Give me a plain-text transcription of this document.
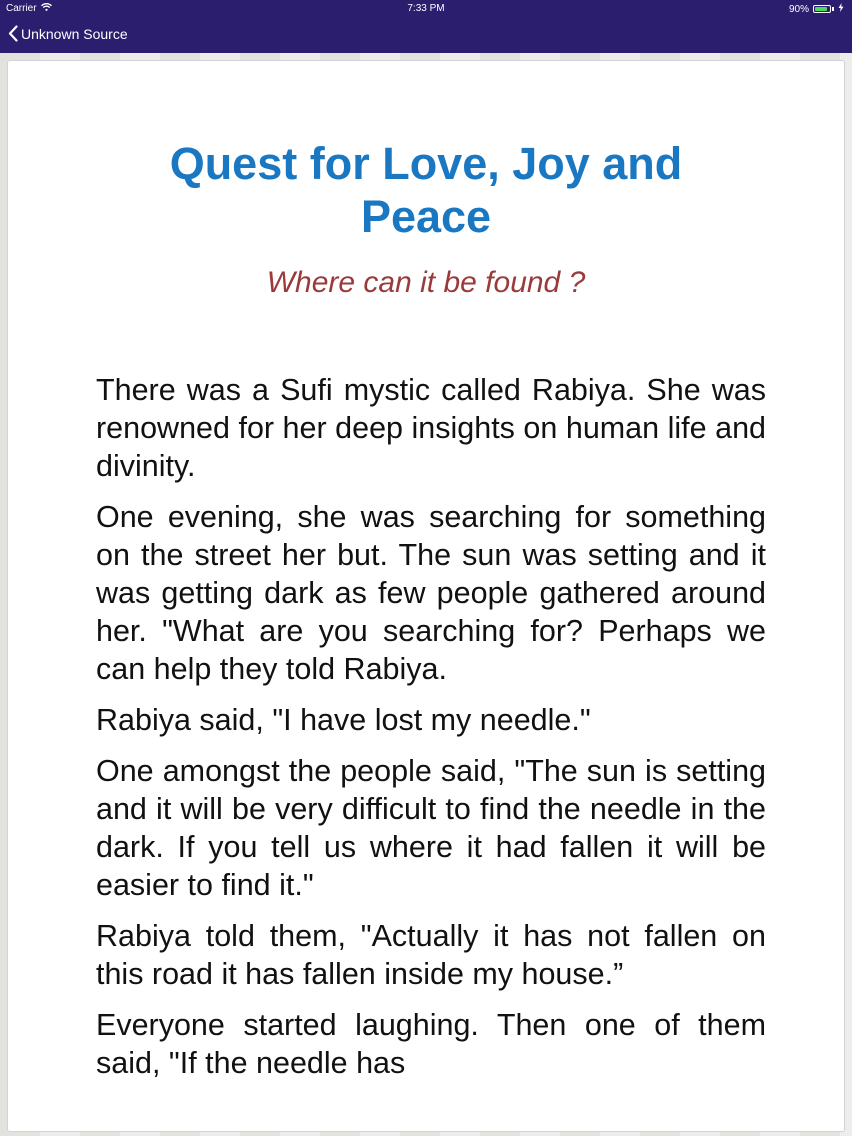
Carrier	7:33 PM	90%
Unknown Source
Quest for Love, Joy and Peace

Where can it be found ?

There was a Sufi mystic called Rabiya. She was renowned for her deep insights on human life and divinity.

One evening, she was searching for something on the street her but. The sun was setting and it was getting dark as few people gathered around her. "What are you searching for? Perhaps we can help they told Rabiya.

Rabiya said, "I have lost my needle."

One amongst the people said, "The sun is setting and it will be very difficult to find the needle in the dark. If you tell us where it had fallen it will be easier to find it."

Rabiya told them, "Actually it has not fallen on this road it has fallen inside my house.”

Everyone started laughing. Then one of them said, "If the needle has
